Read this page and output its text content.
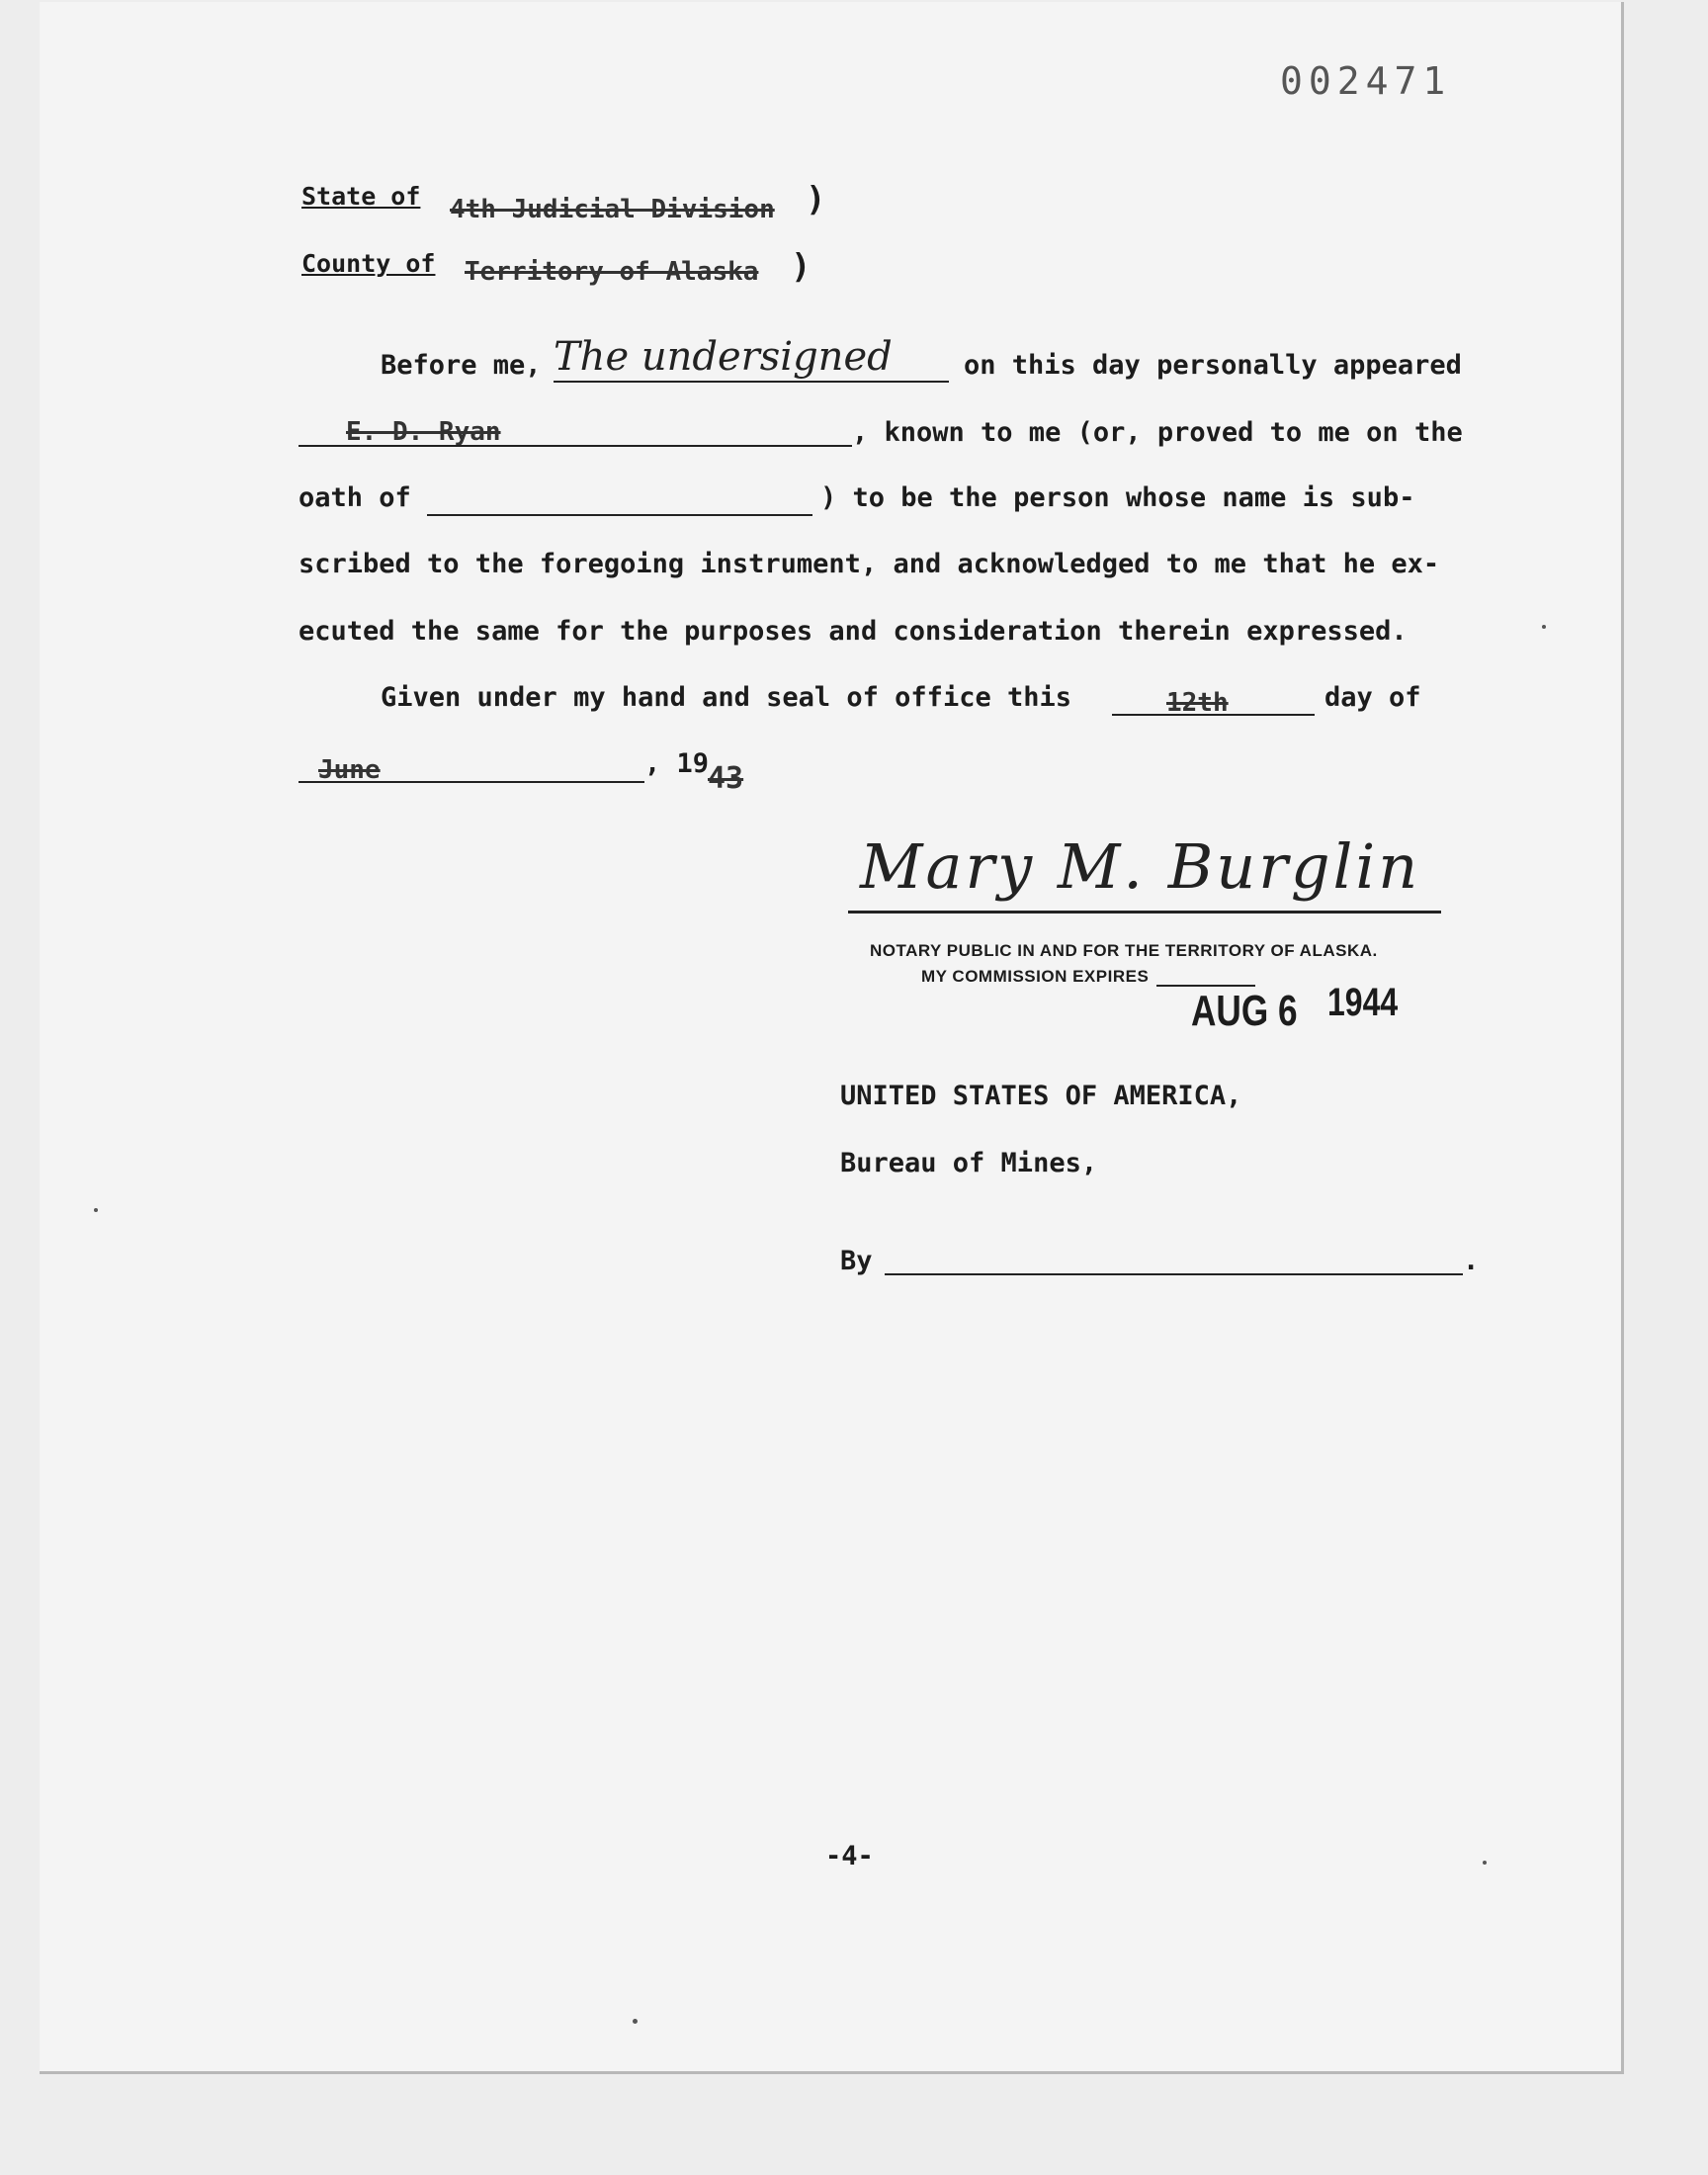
002471
State of 4th Judicial Division )
County of Territory of Alaska )
Before me, The undersigned	on this day personally appeared
E. D. Ryan	, known to me (or, proved to me on the
oath of	) to be the person whose name is sub-
scribed to the foregoing instrument, and acknowledged to me that he ex-
ecuted the same for the purposes and consideration therein expressed.
Given under my hand and seal of office this	12th	day of
June	, 19
43
Mary M. Burglin
NOTARY PUBLIC IN AND FOR THE TERRITORY OF ALASKA.
MY COMMISSION EXPIRES
AUG 6 1944
UNITED STATES OF AMERICA,
Bureau of Mines,
By	.
-4-
